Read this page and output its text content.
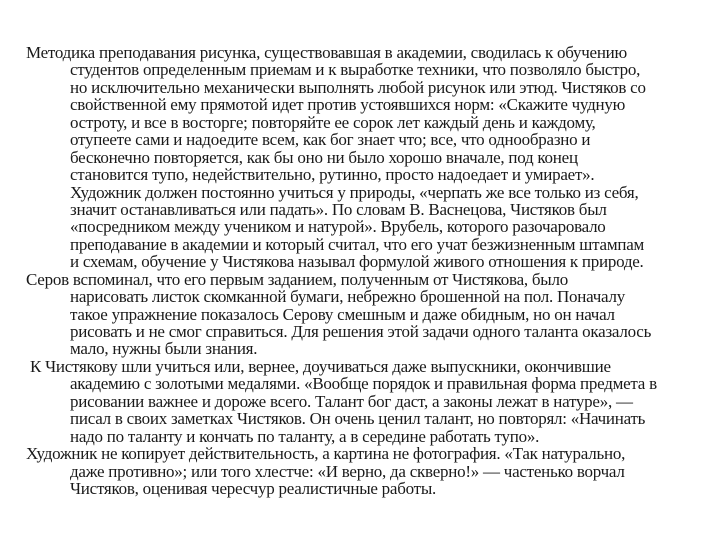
Методика преподавания рисунка, существовавшая в академии, сводилась к обучению
студентов определенным приемам и к выработке техники, что позволяло быстро,
но исключительно механически выполнять любой рисунок или этюд. Чистяков со
свойственной ему прямотой идет против устоявшихся норм: «Скажите чудную
остроту, и все в восторге; повторяйте ее сорок лет каждый день и каждому,
отупеете сами и надоедите всем, как бог знает что; все, что однообразно и
бесконечно повторяется, как бы оно ни было хорошо вначале, под конец
становится тупо, недействительно, рутинно, просто надоедает и умирает».
Художник должен постоянно учиться у природы, «черпать же все только из себя,
значит останавливаться или падать». По словам В. Васнецова, Чистяков был
«посредником между учеником и натурой». Врубель, которого разочаровало
преподавание в академии и который считал, что его учат безжизненным штампам
и схемам, обучение у Чистякова называл формулой живого отношения к природе.
Серов вспоминал, что его первым заданием, полученным от Чистякова, было
нарисовать листок скомканной бумаги, небрежно брошенной на пол. Поначалу
такое упражнение показалось Серову смешным и даже обидным, но он начал
рисовать и не смог справиться. Для решения этой задачи одного таланта оказалось
мало, нужны были знания.
К Чистякову шли учиться или, вернее, доучиваться даже выпускники, окончившие
академию с золотыми медалями. «Вообще порядок и правильная форма предмета в
рисовании важнее и дороже всего. Талант бог даст, а законы лежат в натуре», —
писал в своих заметках Чистяков. Он очень ценил талант, но повторял: «Начинать
надо по таланту и кончать по таланту, а в середине работать тупо».
Художник не копирует действительность, а картина не фотография. «Так натурально,
даже противно»; или того хлестче: «И верно, да скверно!» — частенько ворчал
Чистяков, оценивая чересчур реалистичные работы.
